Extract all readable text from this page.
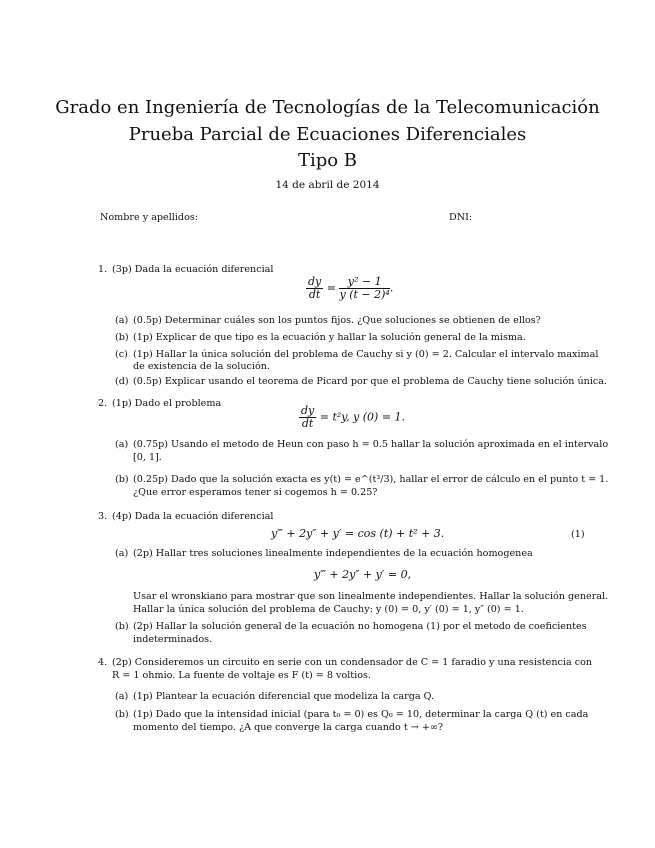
Grado en Ingeniería de Tecnologías de la Telecomunicación
Prueba Parcial de Ecuaciones Diferenciales
Tipo B
14 de abril de 2014
Nombre y apellidos:	DNI:
1. (3p) Dada la ecuación diferencial
$\frac{dy}{dt} = \frac{\text{y² − 1}}{\text{y (t − 2)⁴}}$ .
(a) (0.5p) Determinar cuáles son los puntos fijos. ¿Que soluciones se obtienen de ellos?
(b) (1p) Explicar de que tipo es la ecuación y hallar la solución general de la misma.
(c) (1p) Hallar la única solución del problema de Cauchy si y (0) = 2. Calcular el intervalo maximal
de existencia de la solución.
(d) (0.5p) Explicar usando el teorema de Picard por que el problema de Cauchy tiene solución única.
2. (1p) Dado el problema
$\frac{dy}{dt} = t^2y$, y (0) = 1.
(a) (0.75p) Usando el metodo de Heun con paso h = 0.5 hallar la solución aproximada en el intervalo
[0, 1].
(b) (0.25p) Dado que la solución exacta es y(t) = e^(t³/3), hallar el error de cálculo en el punto t = 1.
¿Que error esperamos tener si cogemos h = 0.25?
3. (4p) Dada la ecuación diferencial
y‴ + 2y″ + y′ = cos (t) + t² + 3.	(1)
(a) (2p) Hallar tres soluciones linealmente independientes de la ecuación homogenea
y‴ + 2y″ + y′ = 0,
Usar el wronskiano para mostrar que son linealmente independientes. Hallar la solución general.
Hallar la única solución del problema de Cauchy: y (0) = 0, y′ (0) = 1, y″ (0) = 1.
(b) (2p) Hallar la solución general de la ecuación no homogena (1) por el metodo de coeficientes
indeterminados.
4. (2p) Consideremos un circuito en serie con un condensador de C = 1 faradio y una resistencia con
R = 1 ohmio. La fuente de voltaje es F (t) = 8 voltios.
(a) (1p) Plantear la ecuación diferencial que modeliza la carga Q.
(b) (1p) Dado que la intensidad inicial (para t₀ = 0) es Q₀ = 10, determinar la carga Q (t) en cada
momento del tiempo. ¿A que converge la carga cuando t → +∞?
